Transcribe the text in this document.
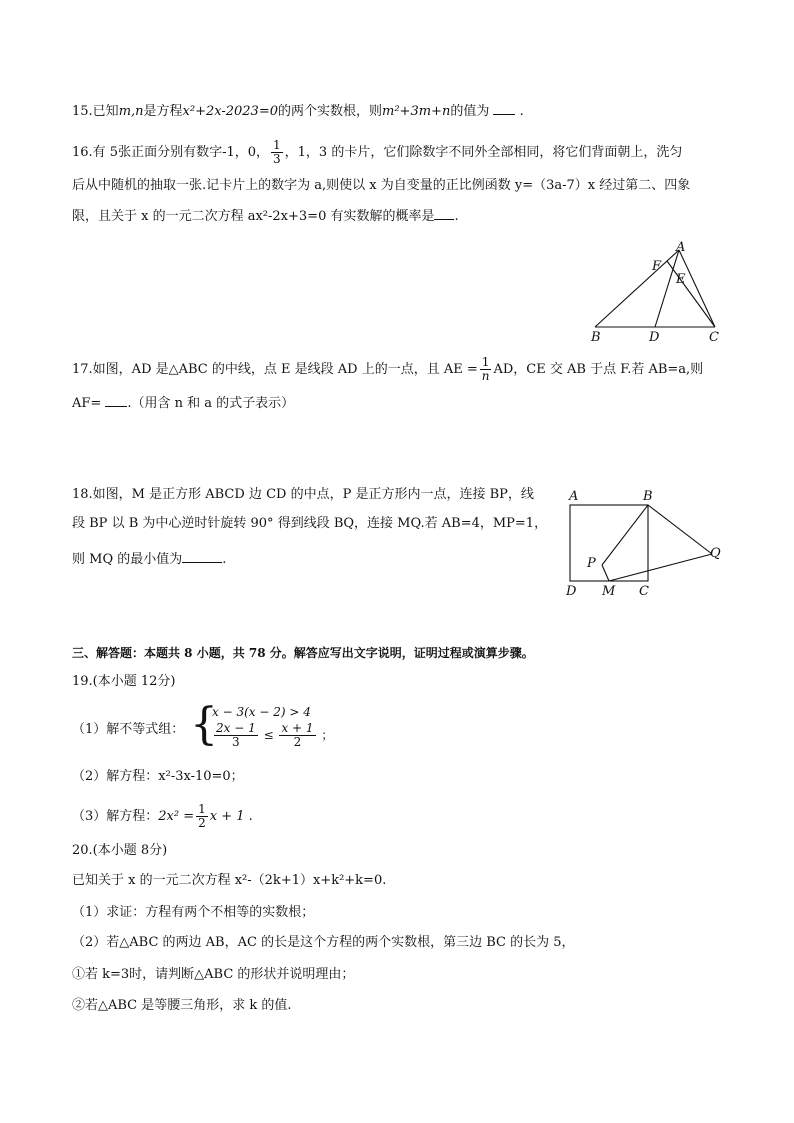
15.已知m,n是方程x²+2x-2023=0的两个实数根，则m²+3m+n的值为 .
16.有 5张正面分别有数字-1，0， $\frac{1}{3}$ ，1，3 的卡片，它们除数字不同外全部相同，将它们背面朝上，洗匀
后从中随机的抽取一张.记卡片上的数字为 a,则使以 x 为自变量的正比例函数 y=（3a-7）x 经过第二、四象
限，且关于 x 的一元二次方程 ax²-2x+3=0 有实数解的概率是 .
A
F
E
B	D	C
17.如图，AD 是△ABC 的中线，点 E 是线段 AD 上的一点，且 AE = $\frac{1}{n}$ AD，CE 交 AB 于点 F.若 AB=a,则
AF= .（用含 n 和 a 的式子表示）
18.如图，M 是正方形 ABCD 边 CD 的中点，P 是正方形内一点，连接 BP，线
段 BP 以 B 为中心逆时针旋转 90° 得到线段 BQ，连接 MQ.若 AB=4，MP=1，
则 MQ 的最小值为	.
A	B
P
Q
D M C
三、解答题：本题共 8 小题，共 78 分。解答应写出文字说明，证明过程或演算步骤。
19.(本小题 12分)
（1）解不等式组： {
x − 3(x − 2) > 4
$\frac{2x - 1}{3} \le \frac{x + 1}{2}$ ；
（2）解方程：x²-3x-10=0；
（3）解方程：$2x^2 = \frac{1}{2}$ x + 1 .
20.(本小题 8分)
已知关于 x 的一元二次方程 x²-（2k+1）x+k²+k=0.
（1）求证：方程有两个不相等的实数根；
（2）若△ABC 的两边 AB，AC 的长是这个方程的两个实数根，第三边 BC 的长为 5，
①若 k=3时，请判断△ABC 的形状并说明理由；
②若△ABC 是等腰三角形，求 k 的值.
